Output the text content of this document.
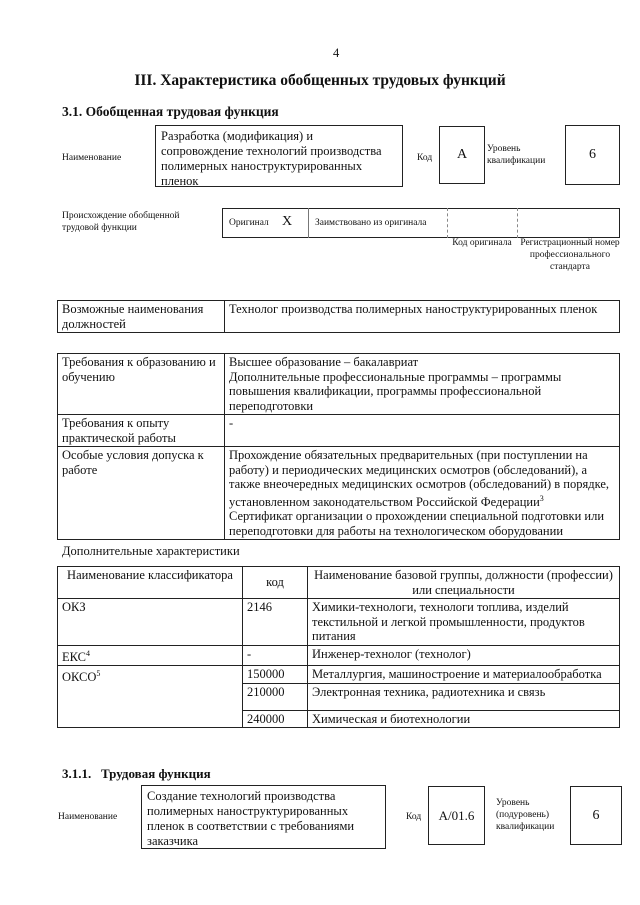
4
III. Характеристика обобщенных трудовых функций
3.1. Обобщенная трудовая функция
Наименование
Разработка (модификация) и сопровождение технологий производства полимерных наноструктурированных пленок
Код	А	Уровень квалификации	6
Происхождение обобщенной трудовой функции	Оригинал X Заимствовано из оригинала
Код оригинала Регистрационный номер профессионального стандарта
Возможные наименования должностей	Технолог производства полимерных наноструктурированных пленок
Требования к образованию и обучению	Высшее образование – бакалавриат
Дополнительные профессиональные программы – программы повышения квалификации, программы профессиональной переподготовки
Требования к опыту практической работы	-
Особые условия допуска к работе	Прохождение обязательных предварительных (при поступлении на работу) и периодических медицинских осмотров (обследований), а также внеочередных медицинских осмотров (обследований) в порядке, установленном законодательством Российской Федерации$^3$
Сертификат организации о прохождении специальной подготовки или переподготовки для работы на технологическом оборудовании
Дополнительные характеристики
Наименование классификатора	код	Наименование базовой группы, должности (профессии) или специальности
ОКЗ	2146	Химики-технологи, технологи топлива, изделий текстильной и легкой промышленности, продуктов питания
ЕКС$^4$	-	Инженер-технолог (технолог)
ОКСО$^5$	150000	Металлургия, машиностроение и материалообработка
	210000	Электронная техника, радиотехника и связь
	240000	Химическая и биотехнологии
3.1.1. Трудовая функция
Наименование
Создание технологий производства полимерных наноструктурированных пленок в соответствии с требованиями заказчика
Код	А/01.6
Уровень (подуровень) квалификации
6
